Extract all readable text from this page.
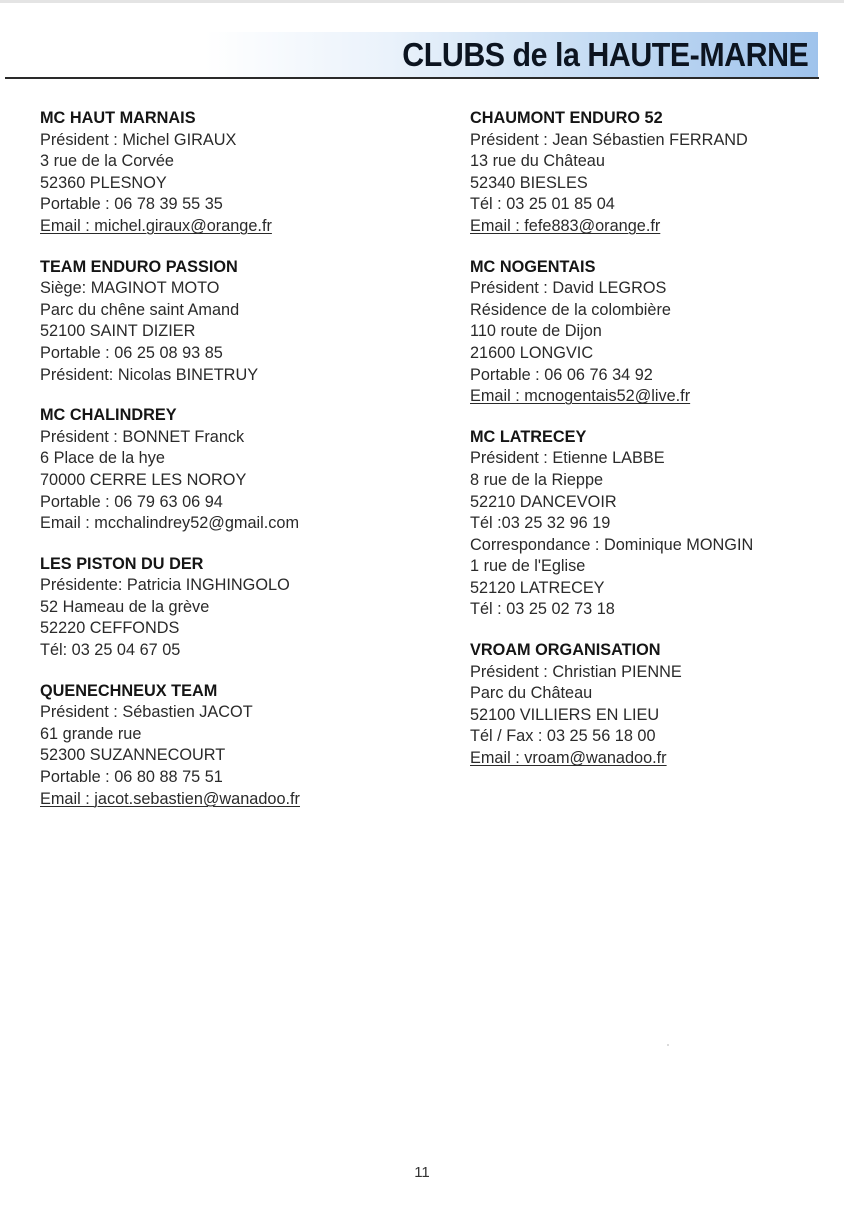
CLUBS de la HAUTE-MARNE
MC HAUT MARNAIS
Président : Michel GIRAUX
3 rue de la Corvée
52360 PLESNOY
Portable : 06 78 39 55 35
Email : michel.giraux@orange.fr
TEAM ENDURO PASSION
Siège: MAGINOT MOTO
Parc du chêne saint Amand
52100 SAINT DIZIER
Portable : 06 25 08 93 85
Président: Nicolas BINETRUY
MC CHALINDREY
Président : BONNET Franck
6 Place de la hye
70000 CERRE LES NOROY
Portable : 06 79 63 06 94
Email : mcchalindrey52@gmail.com
LES PISTON DU DER
Présidente: Patricia INGHINGOLO
52 Hameau de la grève
52220 CEFFONDS
Tél: 03 25 04 67 05
QUENECHNEUX TEAM
Président : Sébastien JACOT
61 grande rue
52300 SUZANNECOURT
Portable : 06 80 88 75 51
Email : jacot.sebastien@wanadoo.fr
CHAUMONT ENDURO 52
Président : Jean Sébastien FERRAND
13 rue du Château
52340 BIESLES
Tél : 03 25 01 85 04
Email : fefe883@orange.fr
MC NOGENTAIS
Président : David LEGROS
Résidence de la colombière
110 route de Dijon
21600 LONGVIC
Portable : 06 06 76 34 92
Email : mcnogentais52@live.fr
MC LATRECEY
Président : Etienne LABBE
8 rue de la Rieppe
52210 DANCEVOIR
Tél :03 25 32 96 19
Correspondance : Dominique MONGIN
1 rue de l'Eglise
52120 LATRECEY
Tél : 03 25 02 73 18
VROAM ORGANISATION
Président : Christian PIENNE
Parc du Château
52100 VILLIERS EN LIEU
Tél / Fax : 03 25 56 18 00
Email : vroam@wanadoo.fr
11
